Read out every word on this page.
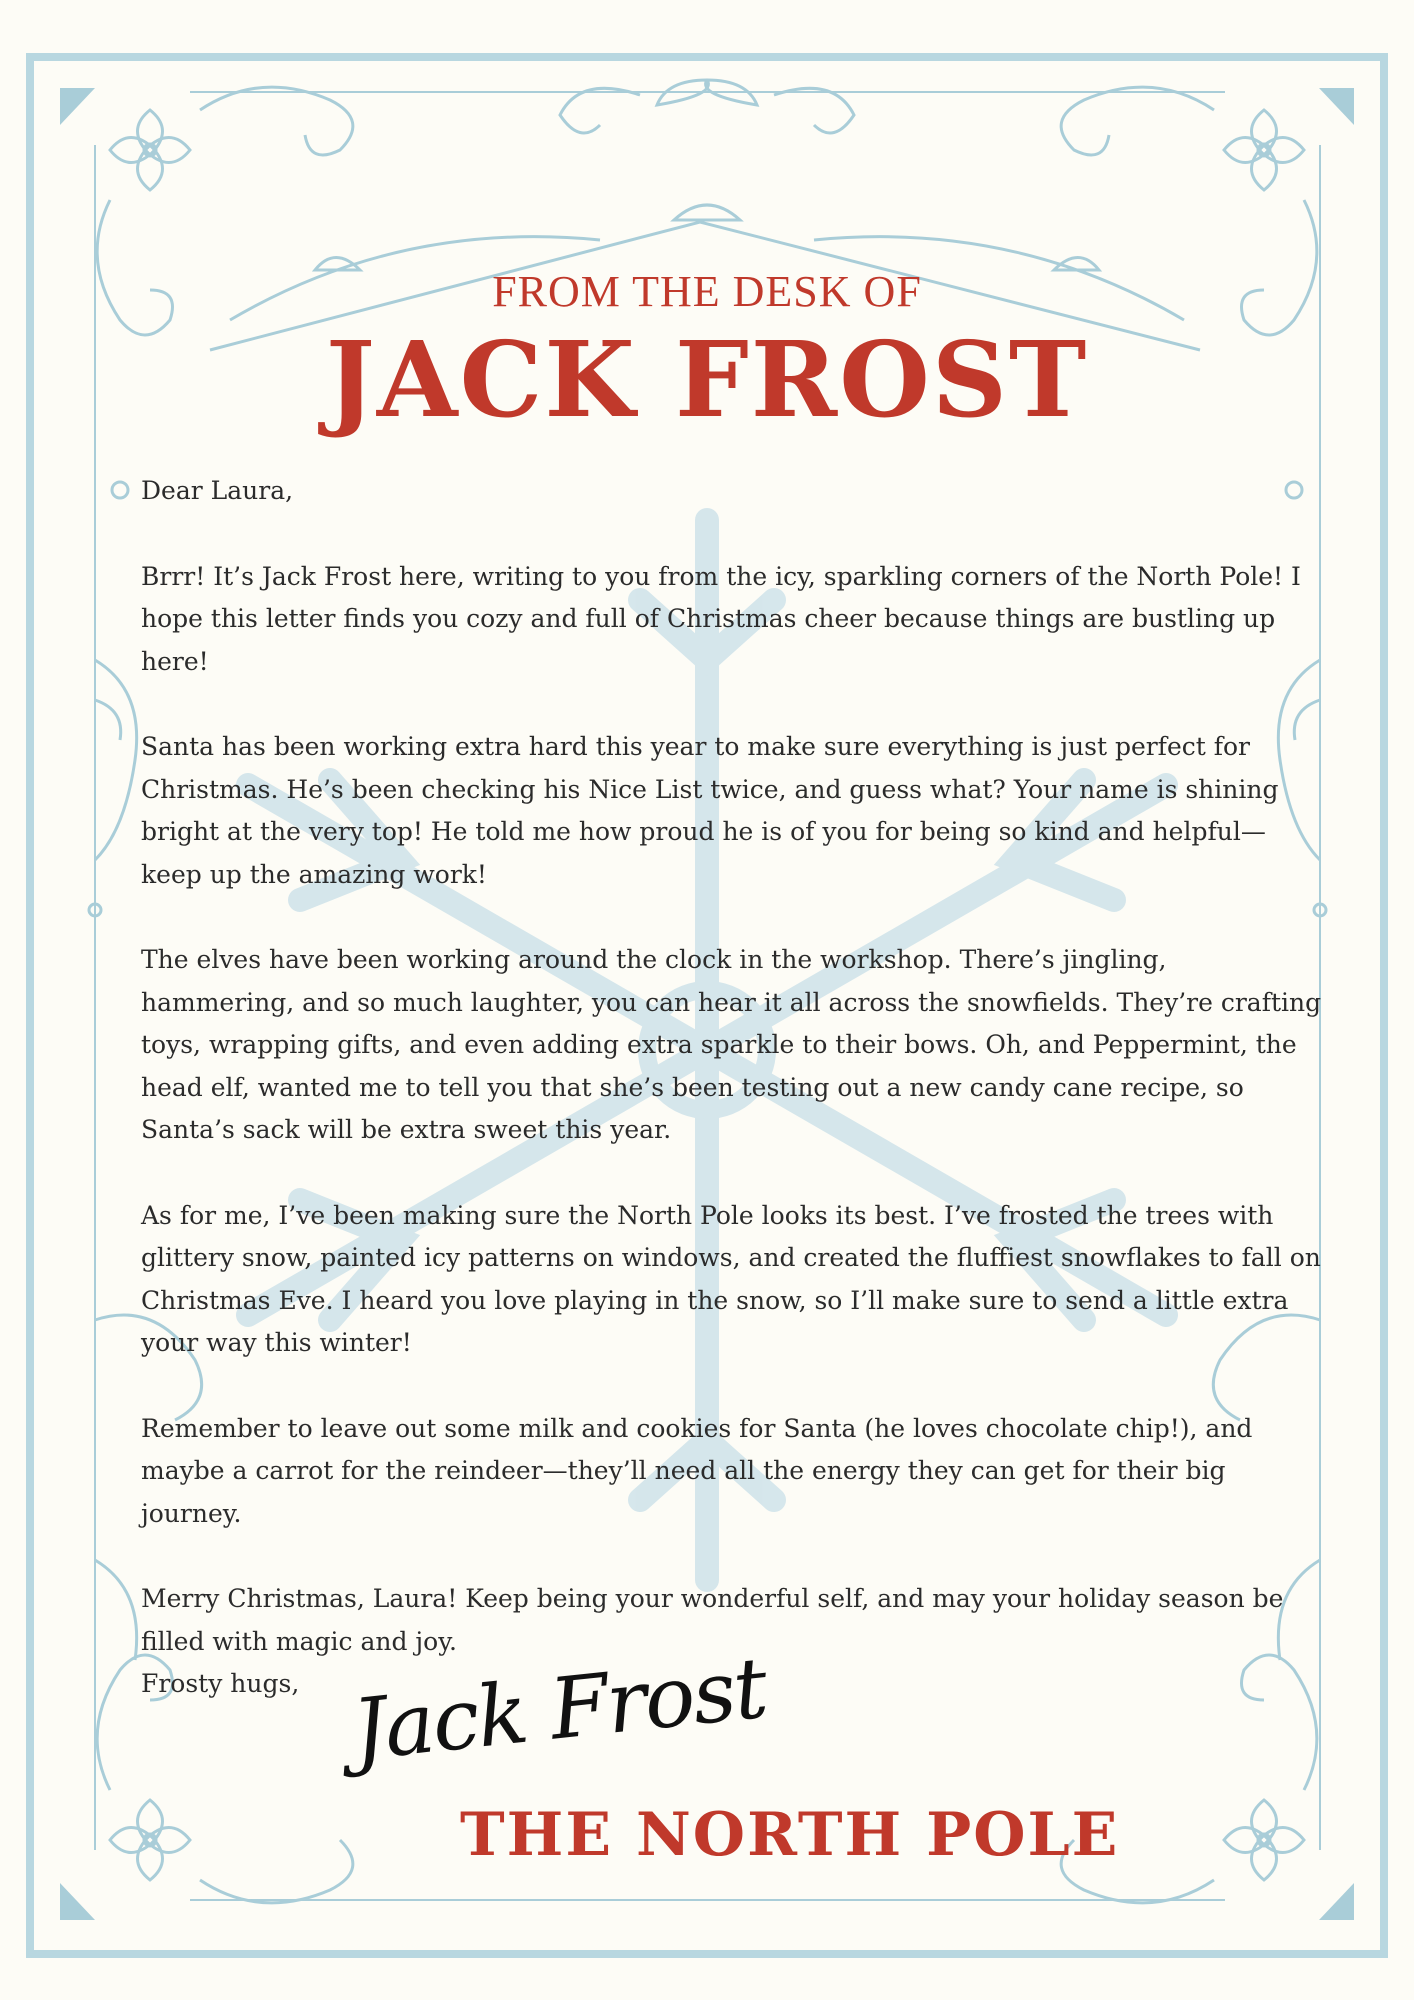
FROM THE DESK OF
JACK FROST

Dear Laura,

Brrr! It’s Jack Frost here, writing to you from the icy, sparkling corners of the North Pole! I hope this letter finds you cozy and full of Christmas cheer because things are bustling up here!

Santa has been working extra hard this year to make sure everything is just perfect for Christmas. He’s been checking his Nice List twice, and guess what? Your name is shining bright at the very top! He told me how proud he is of you for being so kind and helpful—keep up the amazing work!

The elves have been working around the clock in the workshop. There’s jingling, hammering, and so much laughter, you can hear it all across the snowfields. They’re crafting toys, wrapping gifts, and even adding extra sparkle to their bows. Oh, and Peppermint, the head elf, wanted me to tell you that she’s been testing out a new candy cane recipe, so Santa’s sack will be extra sweet this year.

As for me, I’ve been making sure the North Pole looks its best. I’ve frosted the trees with glittery snow, painted icy patterns on windows, and created the fluffiest snowflakes to fall on Christmas Eve. I heard you love playing in the snow, so I’ll make sure to send a little extra your way this winter!

Remember to leave out some milk and cookies for Santa (he loves chocolate chip!), and maybe a carrot for the reindeer—they’ll need all the energy they can get for their big journey.

Merry Christmas, Laura! Keep being your wonderful self, and may your holiday season be filled with magic and joy.

Frosty hugs, Jack Frost
THE NORTH POLE
